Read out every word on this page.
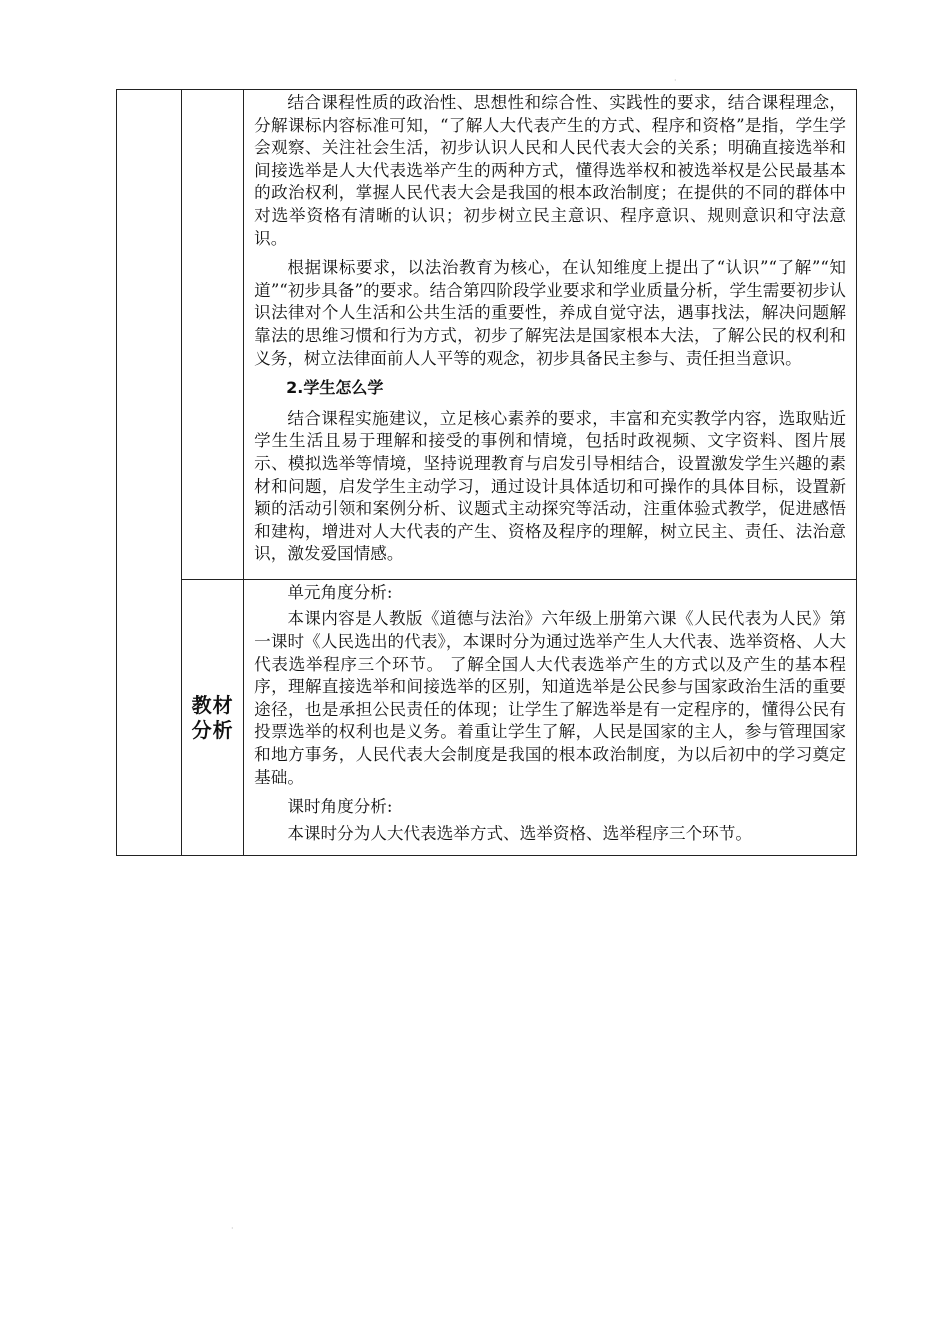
·

		结合课程性质的政治性、思想性和综合性、实践性的要求，结合课程理念，分解课标内容标准可知，“了解人大代表产生的方式、程序和资格”是指，学生学会观察、关注社会生活，初步认识人民和人民代表大会的关系；明确直接选举和间接选举是人大代表选举产生的两种方式，懂得选举权和被选举权是公民最基本的政治权利，掌握人民代表大会是我国的根本政治制度；在提供的不同的群体中对选举资格有清晰的认识；初步树立民主意识、程序意识、规则意识和守法意识。

根据课标要求，以法治教育为核心，在认知维度上提出了“认识”“了解”“知道”“初步具备”的要求。结合第四阶段学业要求和学业质量分析，学生需要初步认识法律对个人生活和公共生活的重要性，养成自觉守法，遇事找法，解决问题解靠法的思维习惯和行为方式，初步了解宪法是国家根本大法，了解公民的权利和义务，树立法律面前人人平等的观念，初步具备民主参与、责任担当意识。

2.学生怎么学

结合课程实施建议，立足核心素养的要求，丰富和充实教学内容，选取贴近学生生活且易于理解和接受的事例和情境，包括时政视频、文字资料、图片展示、模拟选举等情境，坚持说理教育与启发引导相结合，设置激发学生兴趣的素材和问题，启发学生主动学习，通过设计具体适切和可操作的具体目标，设置新颖的活动引领和案例分析、议题式主动探究等活动，注重体验式教学，促进感悟和建构，增进对人大代表的产生、资格及程序的理解，树立民主、责任、法治意识，激发爱国情感。

	教材分析	单元角度分析:

本课内容是人教版《道德与法治》六年级上册第六课《人民代表为人民》第一课时《人民选出的代表》，本课时分为通过选举产生人大代表、选举资格、人大代表选举程序三个环节。 了解全国人大代表选举产生的方式以及产生的基本程序，理解直接选举和间接选举的区别，知道选举是公民参与国家政治生活的重要途径，也是承担公民责任的体现；让学生了解选举是有一定程序的，懂得公民有投票选举的权利也是义务。着重让学生了解，人民是国家的主人，参与管理国家和地方事务，人民代表大会制度是我国的根本政治制度，为以后初中的学习奠定基础。

课时角度分析:

本课时分为人大代表选举方式、选举资格、选举程序三个环节。

·
